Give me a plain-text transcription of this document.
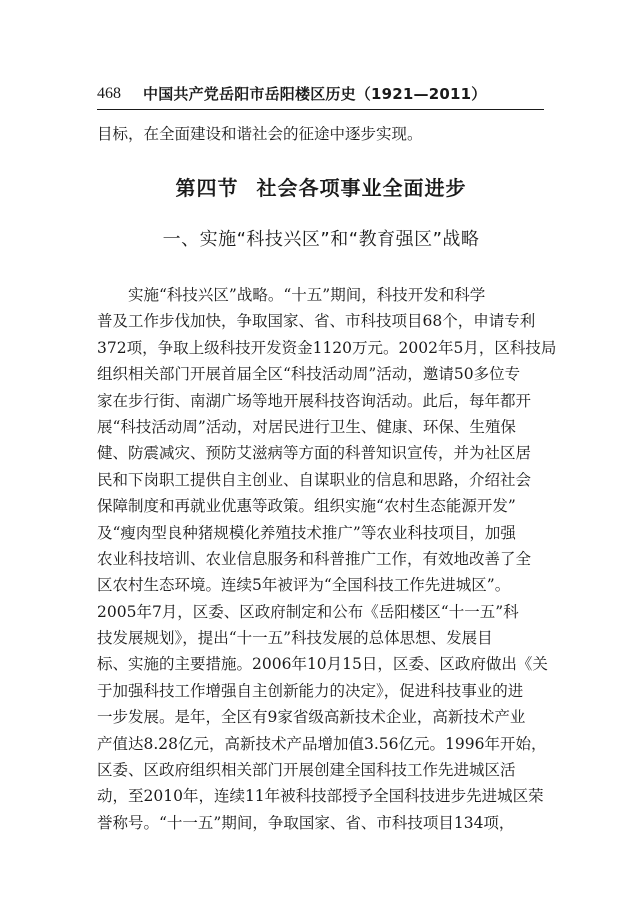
468 中国共产党岳阳市岳阳楼区历史（1921—2011）
目标，在全面建设和谐社会的征途中逐步实现。
第四节 社会各项事业全面进步
一、实施“科技兴区”和“教育强区”战略
　　实施“科技兴区”战略。“十五”期间，科技开发和科学
普及工作步伐加快，争取国家、省、市科技项目68个，申请专利
372项，争取上级科技开发资金1120万元。2002年5月，区科技局
组织相关部门开展首届全区“科技活动周”活动，邀请50多位专
家在步行街、南湖广场等地开展科技咨询活动。此后，每年都开
展“科技活动周”活动，对居民进行卫生、健康、环保、生殖保
健、防震减灾、预防艾滋病等方面的科普知识宣传，并为社区居
民和下岗职工提供自主创业、自谋职业的信息和思路，介绍社会
保障制度和再就业优惠等政策。组织实施“农村生态能源开发”
及“瘦肉型良种猪规模化养殖技术推广”等农业科技项目，加强
农业科技培训、农业信息服务和科普推广工作，有效地改善了全
区农村生态环境。连续5年被评为“全国科技工作先进城区”。
2005年7月，区委、区政府制定和公布《岳阳楼区“十一五”科
技发展规划》，提出“十一五”科技发展的总体思想、发展目
标、实施的主要措施。2006年10月15日，区委、区政府做出《关
于加强科技工作增强自主创新能力的决定》，促进科技事业的进
一步发展。是年，全区有9家省级高新技术企业，高新技术产业
产值达8.28亿元，高新技术产品增加值3.56亿元。1996年开始，
区委、区政府组织相关部门开展创建全国科技工作先进城区活
动，至2010年，连续11年被科技部授予全国科技进步先进城区荣
誉称号。“十一五”期间，争取国家、省、市科技项目134项，
